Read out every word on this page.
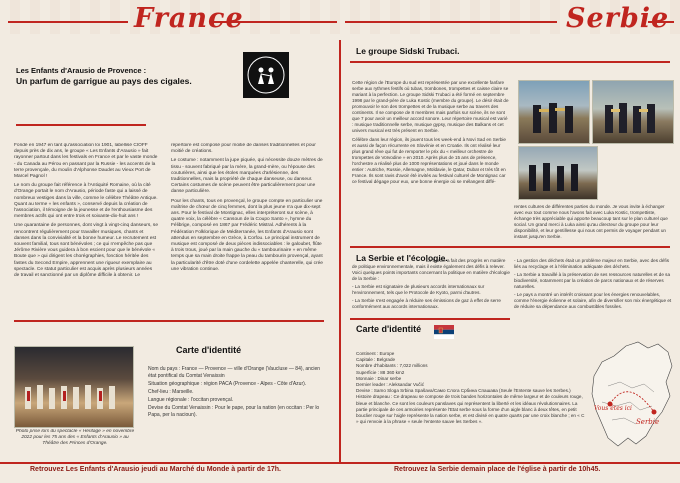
France	Serbie
Les Enfants d'Arausio de Provence :
Un parfum de garrigue au pays des cigales.

Fondé en 1947 en tant qu'association loi 1901, labellisé CIOFF depuis près de dix ans, le groupe « Les Enfants d'Arausio » fait rayonner partout dans les festivals en France et par le vaste monde - du Canada au Pérou en passant par la Russie - les accents de la terre provençale, du moulin d'Alphonse Daudet au Vieux Port de Marcel Pagnol !

Le nom du groupe fait référence à l'Antiquité Romaine, où la cité d'Orange portait le nom d'Arausio, période faste qui a laissé de nombreux vestiges dans la ville, comme le célèbre Théâtre Antique. Quant au terme « les enfants », conservé depuis la création de l'association, il témoigne de la jeunesse et de l'enthousiasme des membres actifs qui ont entre trois et soixante-dix-huit ans !

Une quarantaine de personnes, dont vingt à vingt-cinq danseurs, se rencontrent régulièrement pour travailler musiques, chants et danses dans la convivialité et la bonne humeur. Le recrutement est souvent familial, tous sont bénévoles ; ce qui n'empêche pas que Jérôme Rivière vous guidera à bon escient pour que le bénévole « Boute que » qui dirigent les chorégraphies, fonction héritée des fastes du Second Empire, apprennent une rigueur exemplaire au spectacle. Ce statut particulier est acquis après plusieurs années de travail et sanctionné par un diplôme difficile à obtenir. Le

répertoire est composé pour moitié de danses traditionnelles et pour moitié de créations.

Le costume : notamment la jupe piquée, qui nécessite douze mètres de tissu - souvent fabriqué par la mère, la grand-mère, ou l'épouse des couturières, ainsi que les étoles marquées d'arlésienne, des traditionnelles, mais la propriété de chaque danseuse, ou danseur. Certains costumes de scène peuvent être particulièrement pour une danse particulière.

Pour les chants, tous en provençal, le groupe compte en particulier une maîtrise de chœur de cinq femmes, dont la plus jeune n'a que dix-sept ans. Pour le festival de Montignac, elles interpréteront sur scène, à quatre voix, la célèbre « Cansoun de la Coupo Santo », hymne du Félibrige, composé en 1867 par Frédéric Mistral. Adhérents à la Fédération Folklorique de Méditerranée, les Enfants d'Arausio sont attendus en septembre en Grèce, à Corfou. Le principal instrument de musique est composé de deux pièces indissociables : le galoubet, flûte à trois trous, joué par la main gauche du « tambourinaire » en même temps que sa main droite frappe la peau du tambourin provençal, ayant la particularité d'être doté d'une cordelette appelée chanterelle, qui crée une vibration continue.

Photo prise lors du spectacle « Héritage » en novembre 2022 pour les 75 ans des « Enfants d'Arausio » au Théâtre des Princes d'Orange.
Carte d'identité

Nom du pays : France — Provence — ville d'Orange (Vaucluse — 84), ancien état pontifical du Comtat Venaissin

Situation géographique : région PACA (Provence - Alpes - Côte d'Azur).

Chef-lieu : Marseille.

Langue régionale : l'occitan provençal.

Devise du Comtat Venaissin : Pour le pape, pour la nation (en occitan : Per lo Papa, per la nacioun).

Le groupe Sidski Trubaci.

Cette région de l'Europe du sud est représentée par une excellente fanfare serbe aux rythmes festifs où tubas, trombones, trompettes et caisse claire se mariant à la perfection. Le groupe Sidski Trubaci a été formé en septembre 1998 par le grand-père de Luka Kostic (membre du groupe). Le désir était de promouvoir le son des trompettes et de la musique serbe au travers des continents. Il se compose de 8 membres mais parfois sur scène, ils ne sont que 7 pour avoir un meilleur accord sonore. Leur répertoire musical est varié : musique traditionnelle serbe, musique gypsy, musique des Balkans et cet univers musical est très présent en Serbie.

Célèbre dans leur région, ils jouent tous les week-end à Novi Sad en Serbie et aussi de façon récurrente en Slovénie et en Croatie. Ils ont réalisé leur plus grand rêve qui fut de remporter le prix du « meilleur orchestre de trompettes de Voïvodine » en 2010. Après plus de 15 ans de présence, l'orchestre a réalisé plus de 1000 représentations et joué dans le monde entier : Autriche, Russie, Allemagne, Moldavie, le Qatar, Dubaï et très tôt en France. Ils sont ravis d'avoir été invités au festival culturel de Montignac car ce festival dégage pour eux, une bonne énergie où se mélangent diffé-

rentes cultures de différentes parties du monde. Je vous invite à échanger avec eux tout comme nous l'avons fait avec Luka Kostic, trompettiste, échange très appréciable qui apporte beaucoup tant sur le plan culturel que social. Un grand merci à Luka ainsi qu'au directeur du groupe pour leur disponibilité, et leur gentillesse qui nous ont permis de voyager pendant un instant jusqu'en Serbie.
La Serbie et l'écologie.

La Serbie a fait des progrès en matière de politique environnementale, mais il existe également des défis à relever. Voici quelques points importants concernant la politique en matière d'écologie de la Serbie :

- La Serbie est signataire de plusieurs accords internationaux sur l'environnement, tels que le Protocole de Kyoto, parmi d'autres.

- La Serbie s'est engagée à réduire ses émissions de gaz à effet de serre conformément aux accords internationaux.

- La gestion des déchets était un problème majeur en Serbie, avec des défis liés au recyclage et à l'élimination adéquate des déchets.

- La Serbie a travaillé à la préservation de ses ressources naturelles et de sa biodiversité, notamment par la création de parcs nationaux et de réserves naturelles.

- Le pays a montré un intérêt croissant pour les énergies renouvelables, comme l'énergie éolienne et solaire, afin de diversifier son mix énergétique et de réduire sa dépendance aux combustibles fossiles.

Carte d'identité

Continent : Europe

Capitale : Belgrade

Nombre d'habitants : 7,022 millions

Superficie : 88 360 km2

Monnaie : Dinar serbe

Dernier leader : Aleksandar Vučić

Devise : Samo Sloga Srbina Spašava/Само Слога Србина Спашава (Seule l'Entente sauve les Serbes.)

Histoire drapeau : Ce drapeau se compose de trois bandes horizontales de même largeur et de couleurs rouge, bleue et blanche. Ce sont les couleurs panslaves qui représentent la liberté et les idéaux révolutionnaires. La partie principale de ces armoiries représente l'Etat serbe sous la forme d'un aigle blanc à deux têtes, en petit bouclier rouge sur l'aigle représente la nation serbe, et est divisé en quatre quarts par une croix blanche ; en « C » qui renvoie à la phrase « seule l'entente sauve les Serbes ».

Vous êtes ici
Serbie
Retrouvez Les Enfants d'Arausio jeudi au Marché du Monde à partir de 17h.	Retrouvez la Serbie demain place de l'église à partir de 10h45.
